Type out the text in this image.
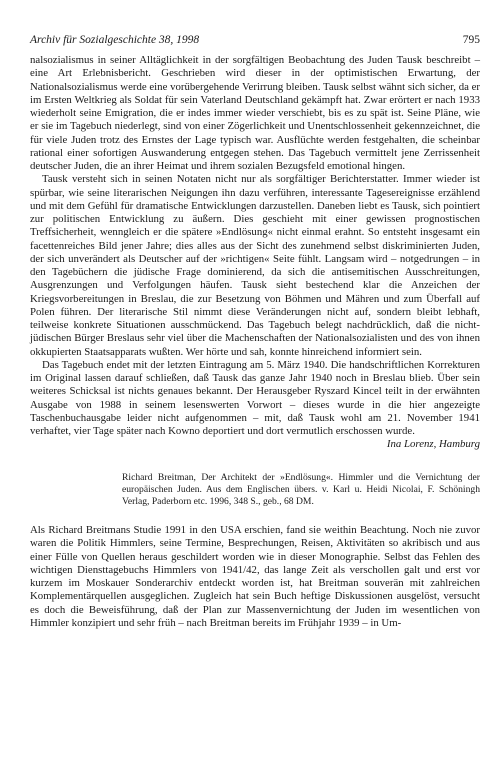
Archiv für Sozialgeschichte 38, 1998	795

nalsozialismus in seiner Alltäglichkeit in der sorgfältigen Beobachtung des Juden Tausk beschreibt – eine Art Erlebnisbericht. Geschrieben wird dieser in der optimistischen Erwartung, der Nationalsozialismus werde eine vorübergehende Verirrung bleiben. Tausk selbst wähnt sich sicher, da er im Ersten Weltkrieg als Soldat für sein Vaterland Deutschland gekämpft hat. Zwar erörtert er nach 1933 wiederholt seine Emigration, die er indes immer wieder verschiebt, bis es zu spät ist. Seine Pläne, wie er sie im Tagebuch niederlegt, sind von einer Zögerlichkeit und Unentschlossenheit gekennzeichnet, die für viele Juden trotz des Ernstes der Lage typisch war. Ausflüchte werden festgehalten, die scheinbar rational einer sofortigen Auswanderung entgegen stehen. Das Tagebuch vermittelt jene Zerrissenheit deutscher Juden, die an ihrer Heimat und ihrem sozialen Bezugsfeld emotional hingen.

Tausk versteht sich in seinen Notaten nicht nur als sorgfältiger Berichterstatter. Immer wieder ist spürbar, wie seine literarischen Neigungen ihn dazu verführen, interessante Tagesereignisse erzählend und mit dem Gefühl für dramatische Entwicklungen darzustellen. Daneben liebt es Tausk, sich pointiert zur politischen Entwicklung zu äußern. Dies geschieht mit einer gewissen prognostischen Treffsicherheit, wenngleich er die spätere »Endlösung« nicht einmal erahnt. So entsteht insgesamt ein facettenreiches Bild jener Jahre; dies alles aus der Sicht des zunehmend selbst diskriminierten Juden, der sich unverändert als Deutscher auf der »richtigen« Seite fühlt. Langsam wird – notgedrungen – in den Tagebüchern die jüdische Frage dominierend, da sich die antisemitischen Ausschreitungen, Ausgrenzungen und Verfolgungen häufen. Tausk sieht bestechend klar die Anzeichen der Kriegsvorbereitungen in Breslau, die zur Besetzung von Böhmen und Mähren und zum Überfall auf Polen führen. Der literarische Stil nimmt diese Veränderungen nicht auf, sondern bleibt lebhaft, teilweise konkrete Situationen ausschmückend. Das Tagebuch belegt nachdrücklich, daß die nicht-jüdischen Bürger Breslaus sehr viel über die Machenschaften der Nationalsozialisten und des von ihnen okkupierten Staatsapparats wußten. Wer hörte und sah, konnte hinreichend informiert sein.

Das Tagebuch endet mit der letzten Eintragung am 5. März 1940. Die handschriftlichen Korrekturen im Original lassen darauf schließen, daß Tausk das ganze Jahr 1940 noch in Breslau blieb. Über sein weiteres Schicksal ist nichts genaues bekannt. Der Herausgeber Ryszard Kincel teilt in der erwähnten Ausgabe von 1988 in seinem lesenswerten Vorwort – dieses wurde in die hier angezeigte Taschenbuchausgabe leider nicht aufgenommen – mit, daß Tausk wohl am 21. November 1941 verhaftet, vier Tage später nach Kowno deportiert und dort vermutlich erschossen wurde.
Ina Lorenz, Hamburg

Richard Breitman, Der Architekt der »Endlösung«. Himmler und die Vernichtung der europäischen Juden. Aus dem Englischen übers. v. Karl u. Heidi Nicolai, F. Schöningh Verlag, Paderborn etc. 1996, 348 S., geb., 68 DM.

Als Richard Breitmans Studie 1991 in den USA erschien, fand sie weithin Beachtung. Noch nie zuvor waren die Politik Himmlers, seine Termine, Besprechungen, Reisen, Aktivitäten so akribisch und aus einer Fülle von Quellen heraus geschildert worden wie in dieser Monographie. Selbst das Fehlen des wichtigen Diensttagebuchs Himmlers von 1941/42, das lange Zeit als verschollen galt und erst vor kurzem im Moskauer Sonderarchiv entdeckt worden ist, hat Breitman souverän mit zahlreichen Komplementärquellen ausgeglichen. Zugleich hat sein Buch heftige Diskussionen ausgelöst, versucht es doch die Beweisführung, daß der Plan zur Massenvernichtung der Juden im wesentlichen von Himmler konzipiert und sehr früh – nach Breitman bereits im Frühjahr 1939 – in Um-
